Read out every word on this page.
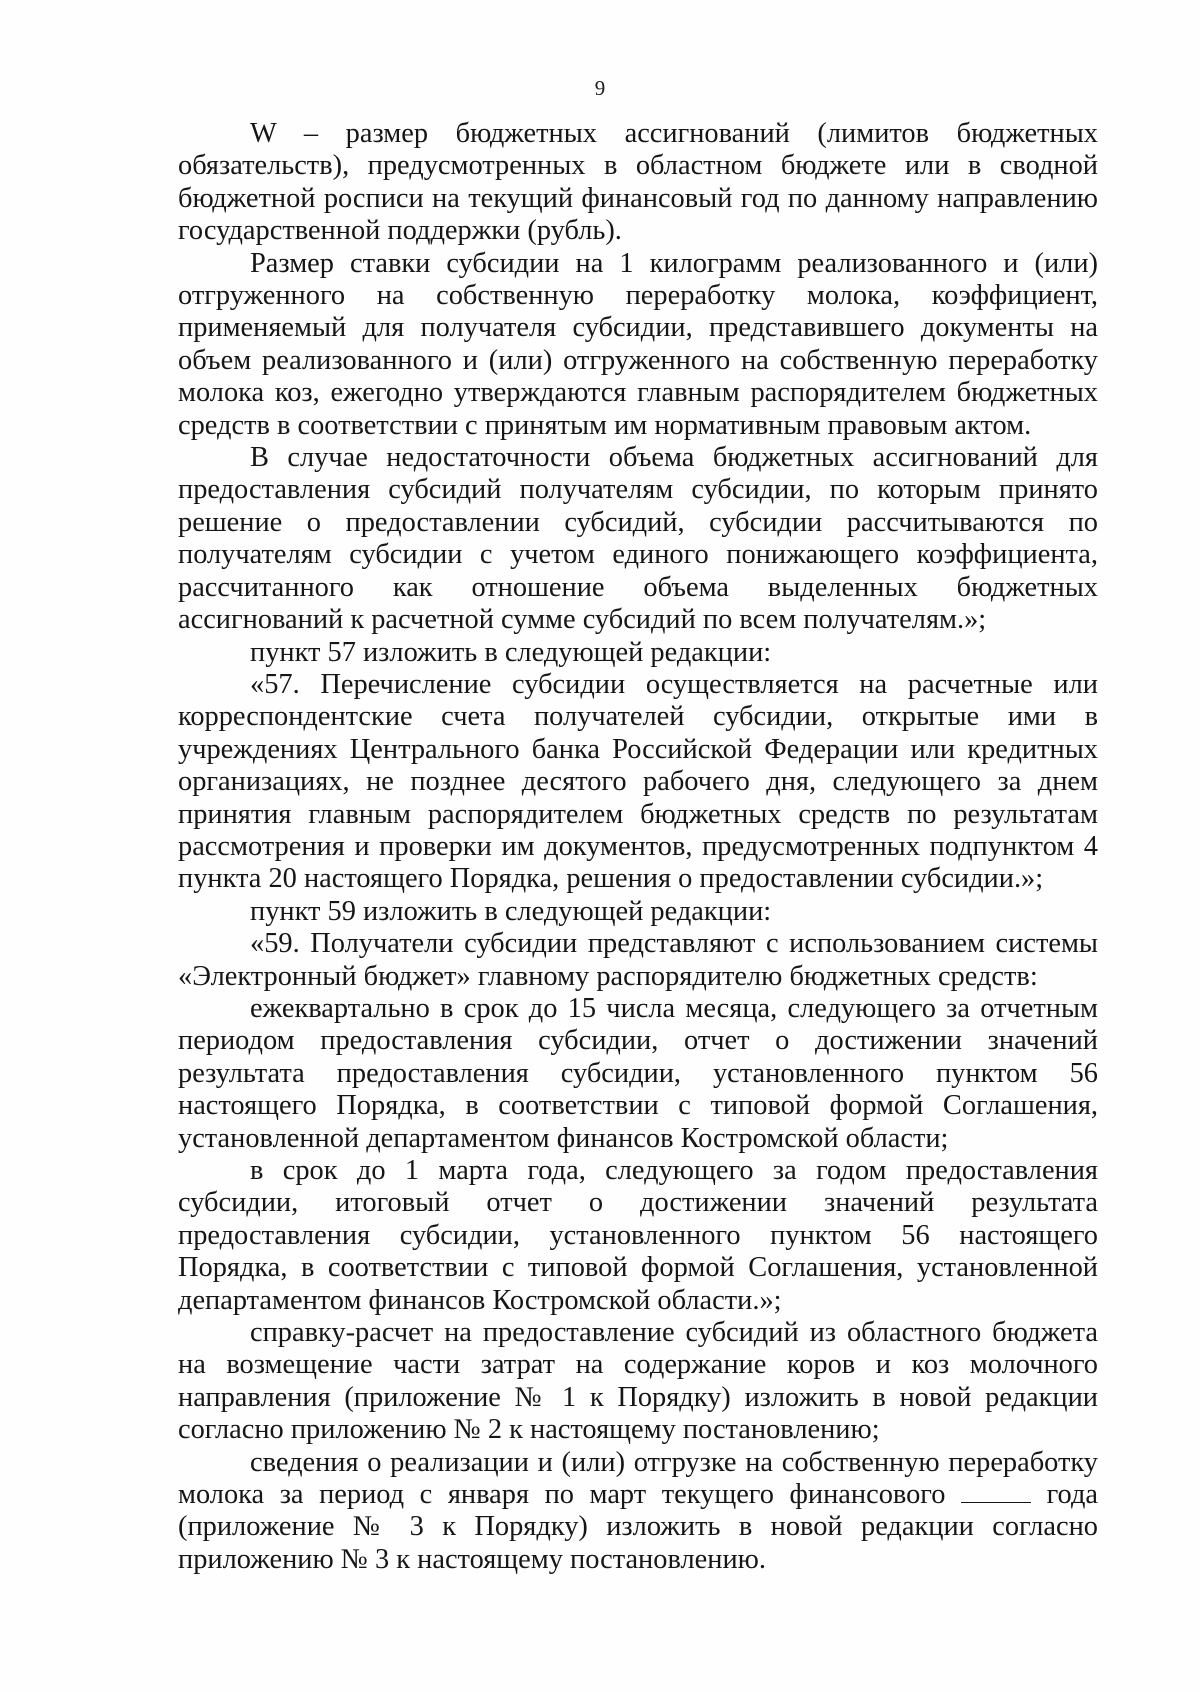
9

W – размер бюджетных ассигнований (лимитов бюджетных обязательств), предусмотренных в областном бюджете или в сводной бюджетной росписи на текущий финансовый год по данному направлению государственной поддержки (рубль).

Размер ставки субсидии на 1 килограмм реализованного и (или) отгруженного на собственную переработку молока, коэффициент, применяемый для получателя субсидии, представившего документы на объем реализованного и (или) отгруженного на собственную переработку молока коз, ежегодно утверждаются главным распорядителем бюджетных средств в соответствии с принятым им нормативным правовым актом.

В случае недостаточности объема бюджетных ассигнований для предоставления субсидий получателям субсидии, по которым принято решение о предоставлении субсидий, субсидии рассчитываются по получателям субсидии с учетом единого понижающего коэффициента, рассчитанного как отношение объема выделенных бюджетных ассигнований к расчетной сумме субсидий по всем получателям.»;

пункт 57 изложить в следующей редакции:

«57. Перечисление субсидии осуществляется на расчетные или корреспондентские счета получателей субсидии, открытые ими в учреждениях Центрального банка Российской Федерации или кредитных организациях, не позднее десятого рабочего дня, следующего за днем принятия главным распорядителем бюджетных средств по результатам рассмотрения и проверки им документов, предусмотренных подпунктом 4 пункта 20 настоящего Порядка, решения о предоставлении субсидии.»;

пункт 59 изложить в следующей редакции:

«59. Получатели субсидии представляют с использованием системы «Электронный бюджет» главному распорядителю бюджетных средств:

ежеквартально в срок до 15 числа месяца, следующего за отчетным периодом предоставления субсидии, отчет о достижении значений результата предоставления субсидии, установленного пунктом 56 настоящего Порядка, в соответствии с типовой формой Соглашения, установленной департаментом финансов Костромской области;

в срок до 1 марта года, следующего за годом предоставления субсидии, итоговый отчет о достижении значений результата предоставления субсидии, установленного пунктом 56 настоящего Порядка, в соответствии с типовой формой Соглашения, установленной департаментом финансов Костромской области.»;

справку-расчет на предоставление субсидий из областного бюджета на возмещение части затрат на содержание коров и коз молочного направления (приложение № 1 к Порядку) изложить в новой редакции согласно приложению № 2 к настоящему постановлению;

сведения о реализации и (или) отгрузке на собственную переработку молока за период с января по март текущего финансового	года (приложение № 3 к Порядку) изложить в новой редакции согласно приложению № 3 к настоящему постановлению.
